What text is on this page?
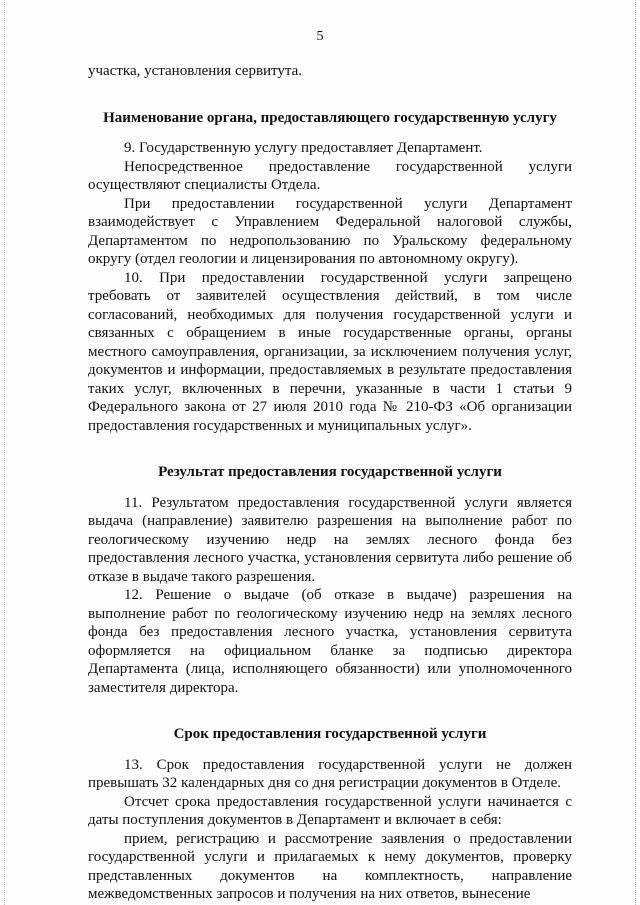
5

участка, установления сервитута.

Наименование органа, предоставляющего государственную услугу

9. Государственную услугу предоставляет Департамент.

Непосредственное предоставление государственной услуги осуществляют специалисты Отдела.

При предоставлении государственной услуги Департамент взаимодействует с Управлением Федеральной налоговой службы, Департаментом по недропользованию по Уральскому федеральному округу (отдел геологии и лицензирования по автономному округу).

10. При предоставлении государственной услуги запрещено требовать от заявителей осуществления действий, в том числе согласований, необходимых для получения государственной услуги и связанных с обращением в иные государственные органы, органы местного самоуправления, организации, за исключением получения услуг, документов и информации, предоставляемых в результате предоставления таких услуг, включенных в перечни, указанные в части 1 статьи 9 Федерального закона от 27 июля 2010 года № 210-ФЗ «Об организации предоставления государственных и муниципальных услуг».

Результат предоставления государственной услуги

11. Результатом предоставления государственной услуги является выдача (направление) заявителю разрешения на выполнение работ по геологическому изучению недр на землях лесного фонда без предоставления лесного участка, установления сервитута либо решение об отказе в выдаче такого разрешения.

12. Решение о выдаче (об отказе в выдаче) разрешения на выполнение работ по геологическому изучению недр на землях лесного фонда без предоставления лесного участка, установления сервитута оформляется на официальном бланке за подписью директора Департамента (лица, исполняющего обязанности) или уполномоченного заместителя директора.

Срок предоставления государственной услуги

13. Срок предоставления государственной услуги не должен превышать 32 календарных дня со дня регистрации документов в Отделе.

Отсчет срока предоставления государственной услуги начинается с даты поступления документов в Департамент и включает в себя:

прием, регистрацию и рассмотрение заявления о предоставлении государственной услуги и прилагаемых к нему документов, проверку представленных документов на комплектность, направление межведомственных запросов и получения на них ответов, вынесение
